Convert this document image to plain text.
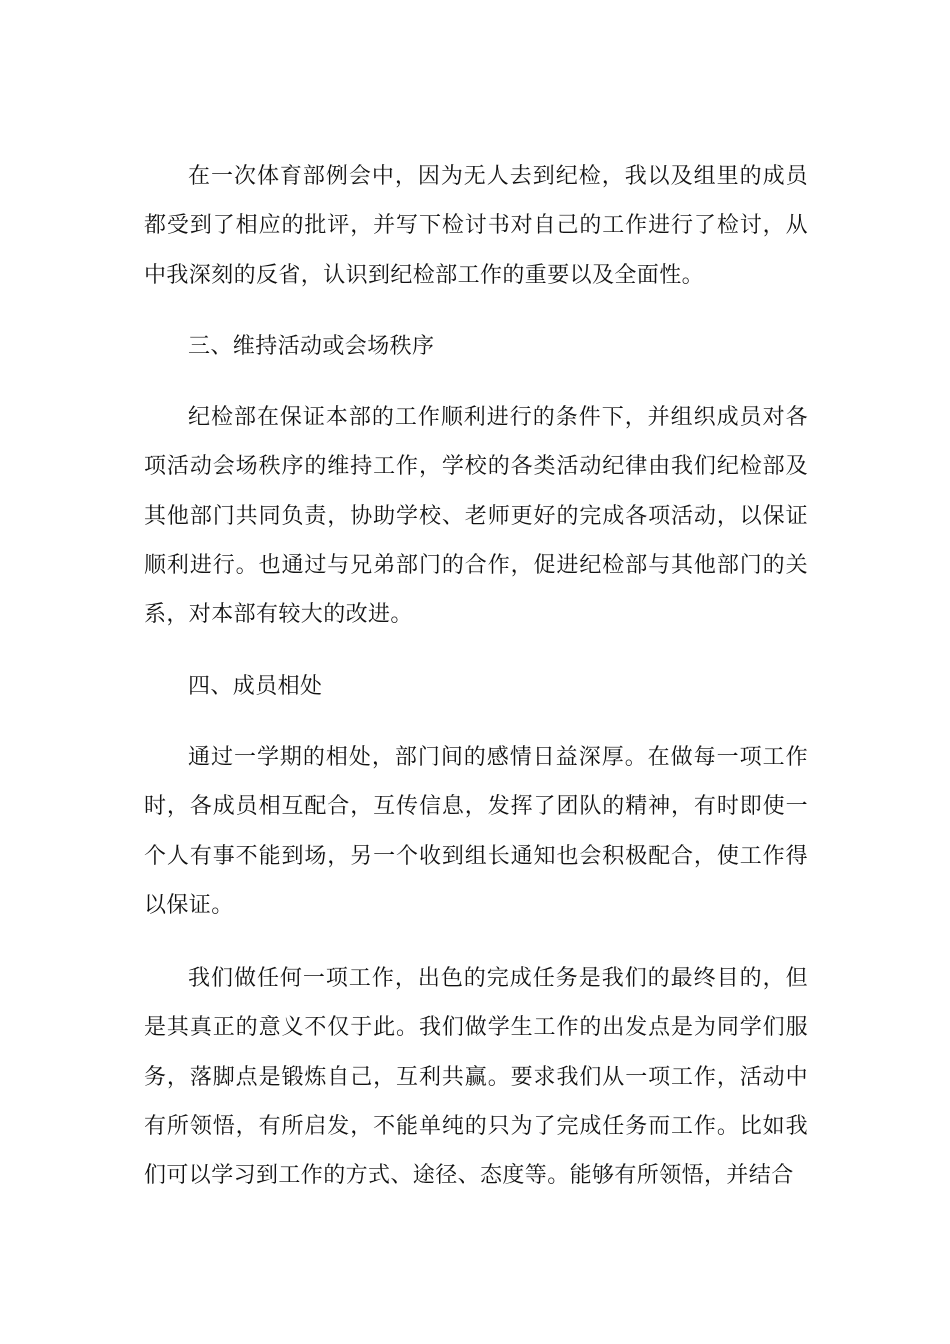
在一次体育部例会中，因为无人去到纪检，我以及组里的成员都受到了相应的批评，并写下检讨书对自己的工作进行了检讨，从中我深刻的反省，认识到纪检部工作的重要以及全面性。

三、维持活动或会场秩序

纪检部在保证本部的工作顺利进行的条件下，并组织成员对各项活动会场秩序的维持工作，学校的各类活动纪律由我们纪检部及其他部门共同负责，协助学校、老师更好的完成各项活动，以保证顺利进行。也通过与兄弟部门的合作，促进纪检部与其他部门的关系，对本部有较大的改进。

四、成员相处

通过一学期的相处，部门间的感情日益深厚。在做每一项工作时，各成员相互配合，互传信息，发挥了团队的精神，有时即使一个人有事不能到场，另一个收到组长通知也会积极配合，使工作得以保证。

我们做任何一项工作，出色的完成任务是我们的最终目的，但是其真正的意义不仅于此。我们做学生工作的出发点是为同学们服务，落脚点是锻炼自己，互利共赢。要求我们从一项工作，活动中有所领悟，有所启发，不能单纯的只为了完成任务而工作。比如我们可以学习到工作的方式、途径、态度等。能够有所领悟，并结合
